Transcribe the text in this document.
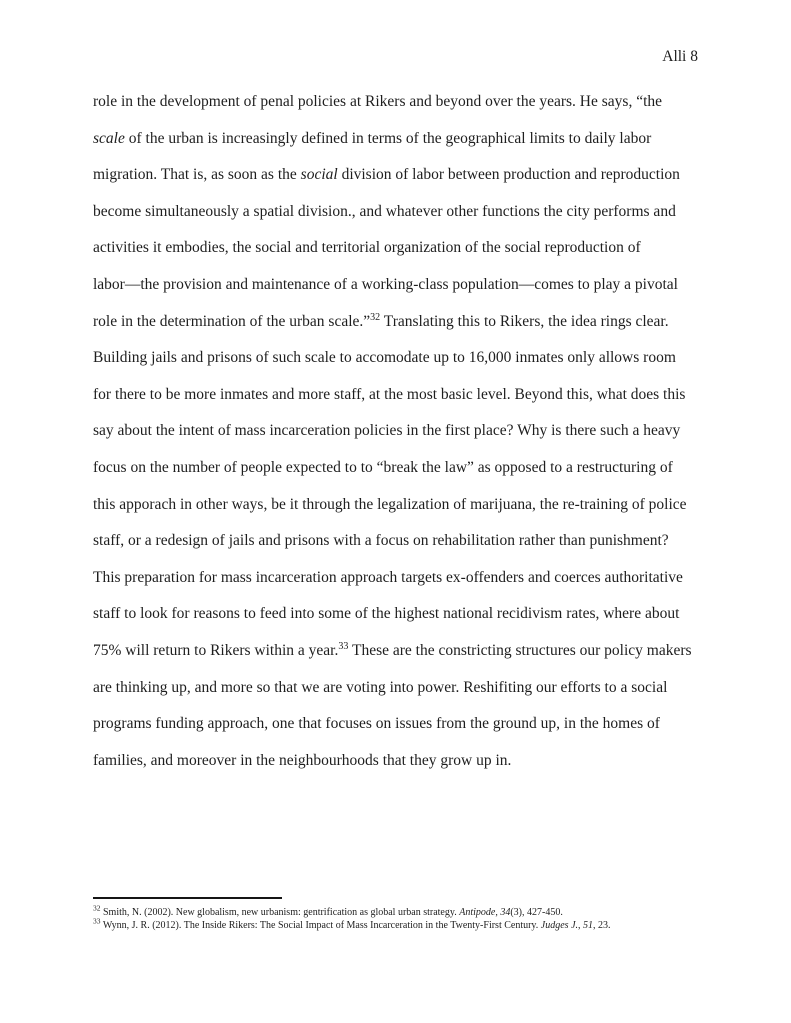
Alli 8
role in the development of penal policies at Rikers and beyond over the years. He says, “the
scale of the urban is increasingly defined in terms of the geographical limits to daily labor
migration. That is, as soon as the social division of labor between production and reproduction
become simultaneously a spatial division., and whatever other functions the city performs and
activities it embodies, the social and territorial organization of the social reproduction of
labor—the provision and maintenance of a working-class population—comes to play a pivotal
role in the determination of the urban scale.”$^{32}$ Translating this to Rikers, the idea rings clear.
Building jails and prisons of such scale to accomodate up to 16,000 inmates only allows room
for there to be more inmates and more staff, at the most basic level. Beyond this, what does this
say about the intent of mass incarceration policies in the first place? Why is there such a heavy
focus on the number of people expected to to “break the law” as opposed to a restructuring of
this apporach in other ways, be it through the legalization of marijuana, the re-training of police
staff, or a redesign of jails and prisons with a focus on rehabilitation rather than punishment?
This preparation for mass incarceration approach targets ex-offenders and coerces authoritative
staff to look for reasons to feed into some of the highest national recidivism rates, where about
75% will return to Rikers within a year.$^{33}$ These are the constricting structures our policy makers
are thinking up, and more so that we are voting into power. Reshifiting our efforts to a social
programs funding approach, one that focuses on issues from the ground up, in the homes of
families, and moreover in the neighbourhoods that they grow up in.
$^{32}$ Smith, N. (2002). New globalism, new urbanism: gentrification as global urban strategy. Antipode, 34(3), 427-450.
$^{33}$ Wynn, J. R. (2012). The Inside Rikers: The Social Impact of Mass Incarceration in the Twenty-First Century. Judges J., 51, 23.
